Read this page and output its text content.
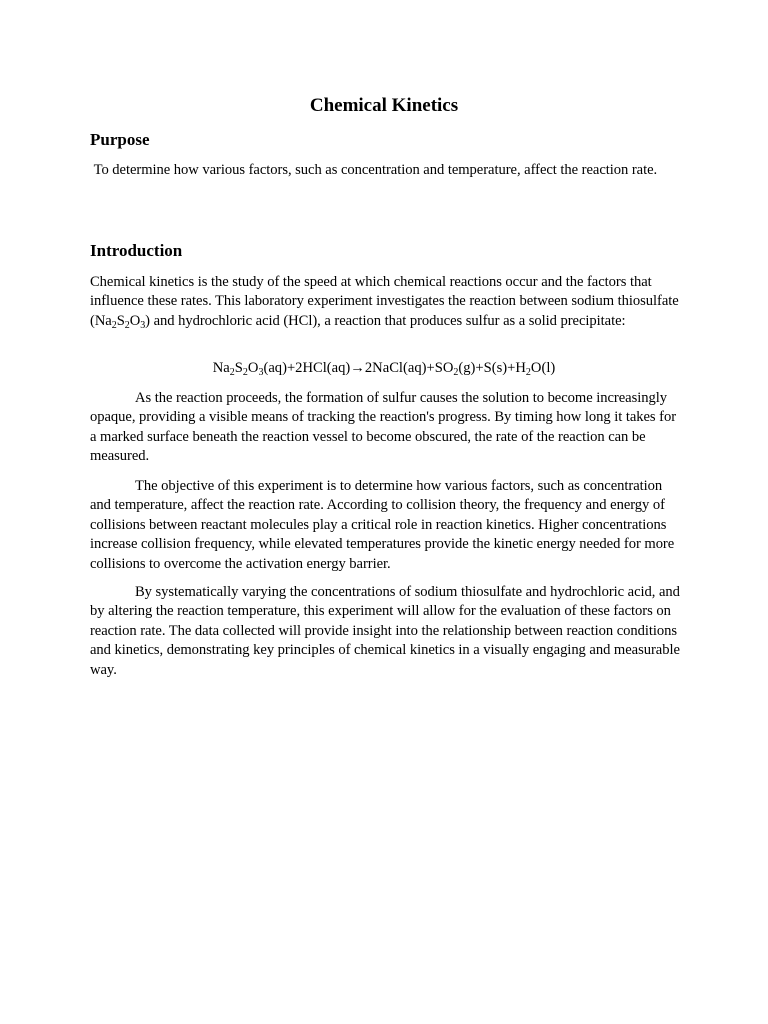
Chemical Kinetics
Purpose

To determine how various factors, such as concentration and temperature, affect the reaction rate.

Introduction

Chemical kinetics is the study of the speed at which chemical reactions occur and the factors that influence these rates. This laboratory experiment investigates the reaction between sodium thiosulfate $(Na_2S_2O_3)$ and hydrochloric acid (HCl), a reaction that produces sulfur as a solid precipitate:

$Na_2S_2O_3(aq)+2HCl(aq)\to 2NaCl(aq)+SO_2(g)+S(s)+H_2O(l)$

As the reaction proceeds, the formation of sulfur causes the solution to become increasingly opaque, providing a visible means of tracking the reaction's progress. By timing how long it takes for a marked surface beneath the reaction vessel to become obscured, the rate of the reaction can be measured.

The objective of this experiment is to determine how various factors, such as concentration and temperature, affect the reaction rate. According to collision theory, the frequency and energy of collisions between reactant molecules play a critical role in reaction kinetics. Higher concentrations increase collision frequency, while elevated temperatures provide the kinetic energy needed for more collisions to overcome the activation energy barrier.

By systematically varying the concentrations of sodium thiosulfate and hydrochloric acid, and by altering the reaction temperature, this experiment will allow for the evaluation of these factors on reaction rate. The data collected will provide insight into the relationship between reaction conditions and kinetics, demonstrating key principles of chemical kinetics in a visually engaging and measurable way.
